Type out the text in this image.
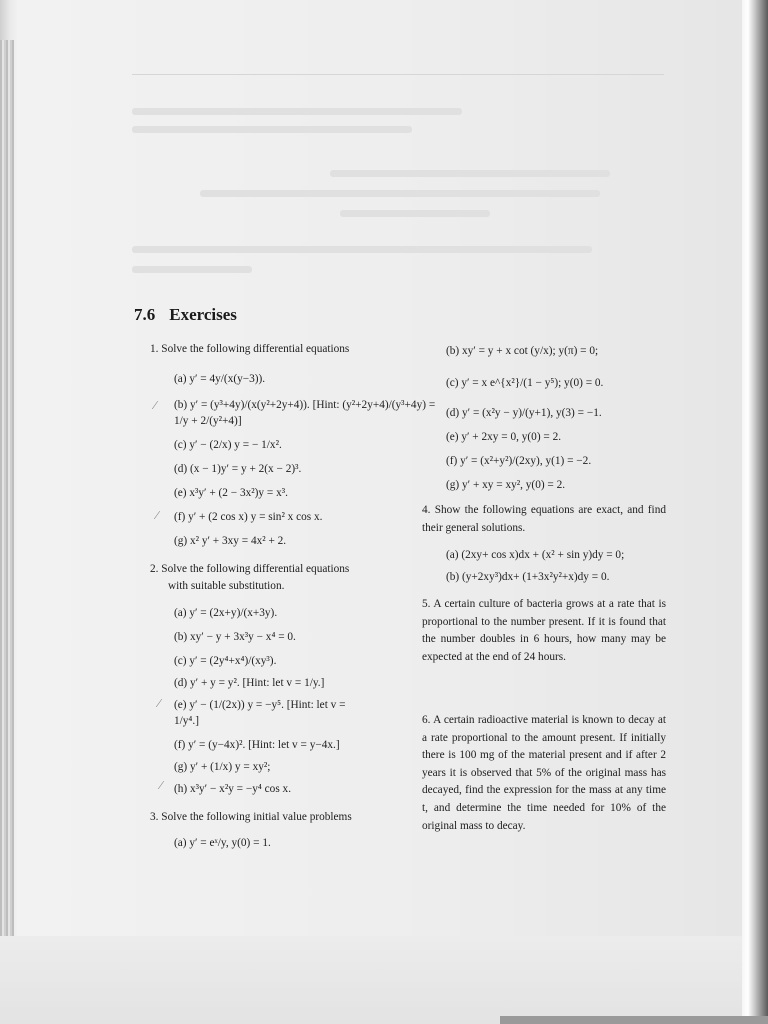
7.6 Exercises
1. Solve the following differential equations
(a) y′ = 4y/(x(y−3)).
∕ (b) y′ = (y³+4y)/(x(y²+2y+4)). [Hint: (y²+2y+4)/(y³+4y) =
1/y + 2/(y²+4)]
(c) y′ − (2/x) y = − 1/x².
(d) (x − 1)y′ = y + 2(x − 2)³.
(e) x³y′ + (2 − 3x²)y = x³.
∕ (f) y′ + (2 cos x) y = sin² x cos x.
(g) x² y′ + 3xy = 4x² + 2.
2. Solve the following differential equations
with suitable substitution.
(a) y′ = (2x+y)/(x+3y).
(b) xy′ − y + 3x³y − x⁴ = 0.
(c) y′ = (2y⁴+x⁴)/(xy³).
(d) y′ + y = y². [Hint: let v = 1/y.]
∕ (e) y′ − (1/(2x)) y = −y⁵. [Hint: let v =
1/y⁴.]
(f) y′ = (y−4x)². [Hint: let v = y−4x.]
(g) y′ + (1/x) y = xy²;
∕ (h) x³y′ − x²y = −y⁴ cos x.
3. Solve the following initial value problems
(a) y′ = eˣ/y, y(0) = 1.
(b) xy′ = y + x cot (y/x); y(π) = 0;
(c) y′ = x e^{x²}/(1 − y⁵); y(0) = 0.
(d) y′ = (x²y − y)/(y+1), y(3) = −1.
(e) y′ + 2xy = 0, y(0) = 2.
(f) y′ = (x²+y²)/(2xy), y(1) = −2.
(g) y′ + xy = xy², y(0) = 2.
4. Show the following equations are exact, and find their general solutions.
(a) (2xy+ cos x)dx + (x² + sin y)dy = 0;
(b) (y+2xy³)dx+ (1+3x²y²+x)dy = 0.
5. A certain culture of bacteria grows at a rate that is proportional to the number present. If it is found that the number doubles in 6 hours, how many may be expected at the end of 24 hours.
6. A certain radioactive material is known to decay at a rate proportional to the amount present. If initially there is 100 mg of the material present and if after 2 years it is observed that 5% of the original mass has decayed, find the expression for the mass at any time t, and determine the time needed for 10% of the original mass to decay.
